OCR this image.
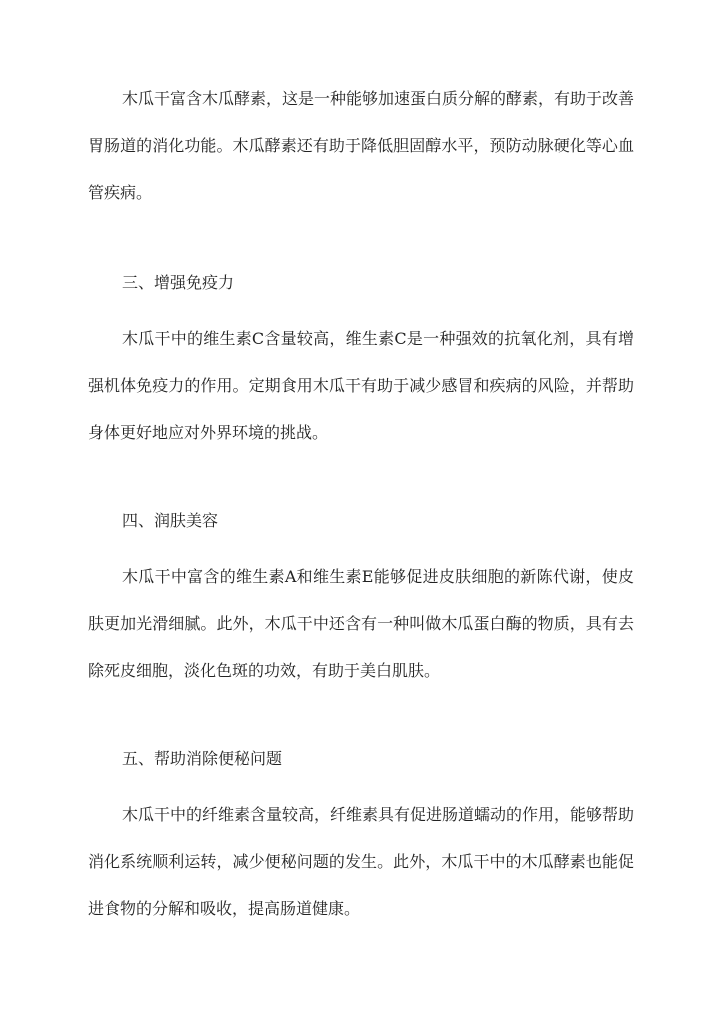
木瓜干富含木瓜酵素，这是一种能够加速蛋白质分解的酵素，有助于改善胃肠道的消化功能。木瓜酵素还有助于降低胆固醇水平，预防动脉硬化等心血管疾病。
三、增强免疫力
木瓜干中的维生素C含量较高，维生素C是一种强效的抗氧化剂，具有增强机体免疫力的作用。定期食用木瓜干有助于减少感冒和疾病的风险，并帮助身体更好地应对外界环境的挑战。
四、润肤美容
木瓜干中富含的维生素A和维生素E能够促进皮肤细胞的新陈代谢，使皮肤更加光滑细腻。此外，木瓜干中还含有一种叫做木瓜蛋白酶的物质，具有去除死皮细胞，淡化色斑的功效，有助于美白肌肤。
五、帮助消除便秘问题
木瓜干中的纤维素含量较高，纤维素具有促进肠道蠕动的作用，能够帮助消化系统顺利运转，减少便秘问题的发生。此外，木瓜干中的木瓜酵素也能促进食物的分解和吸收，提高肠道健康。
